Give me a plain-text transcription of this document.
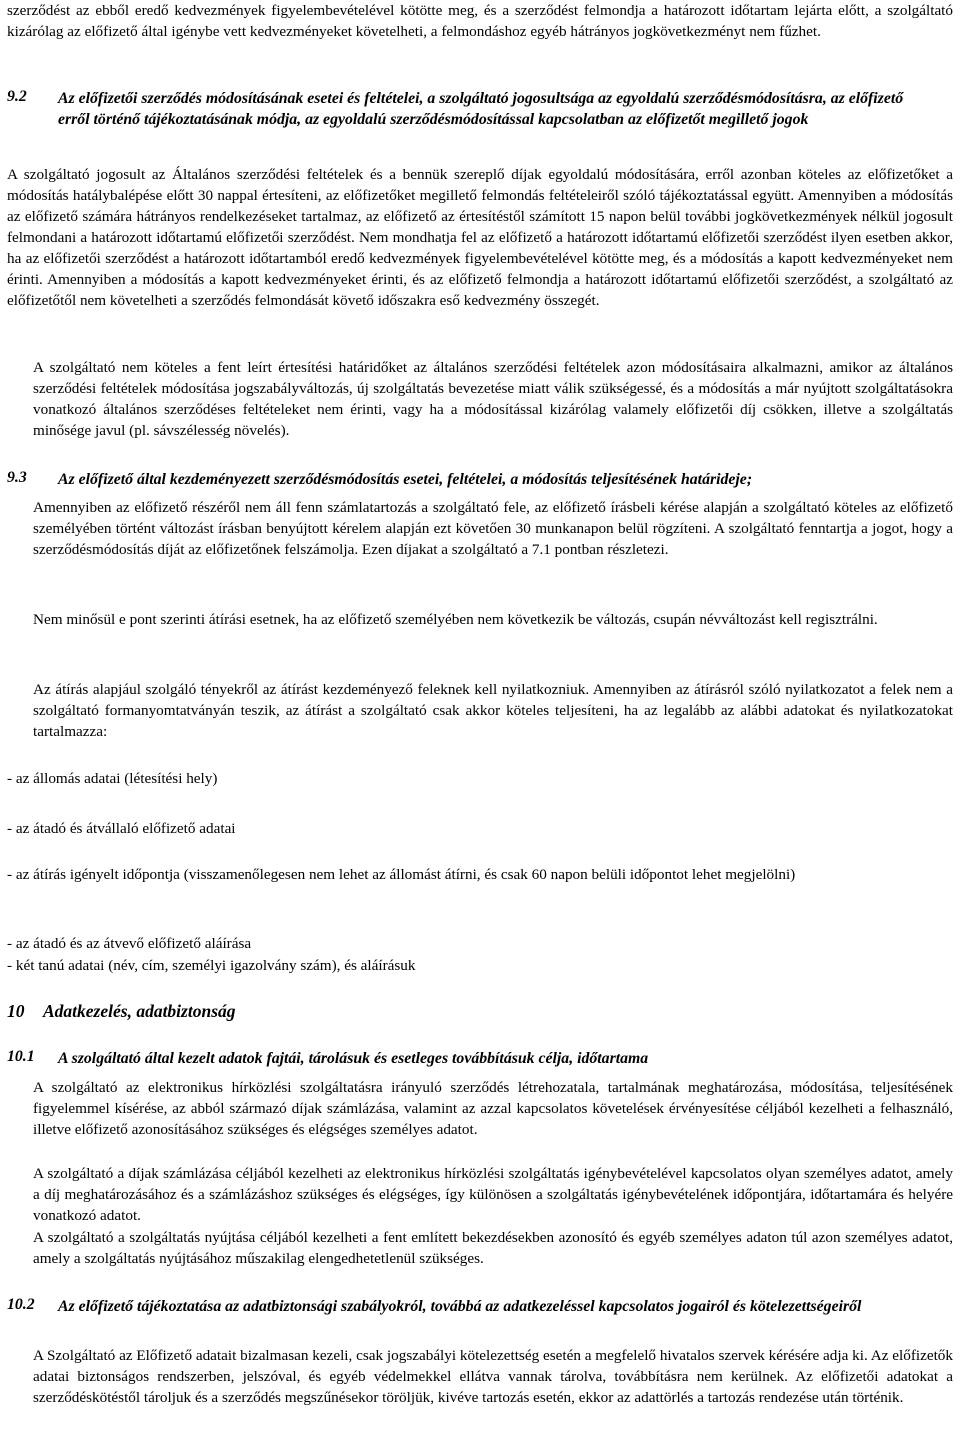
szerződést az ebből eredő kedvezmények figyelembevételével kötötte meg, és a szerződést felmondja a határozott időtartam lejárta előtt, a szolgáltató kizárólag az előfizető által igénybe vett kedvezményeket követelheti, a felmondáshoz egyéb hátrányos jogkövetkezményt nem fűzhet.

9.2 Az előfizetői szerződés módosításának esetei és feltételei, a szolgáltató jogosultsága az egyoldalú szerződésmódosításra, az előfizető erről történő tájékoztatásának módja, az egyoldalú szerződésmódosítással kapcsolatban az előfizetőt megillető jogok

A szolgáltató jogosult az Általános szerződési feltételek és a bennük szereplő díjak egyoldalú módosítására, erről azonban köteles az előfizetőket a módosítás hatálybalépése előtt 30 nappal értesíteni, az előfizetőket megillető felmondás feltételeiről szóló tájékoztatással együtt. Amennyiben a módosítás az előfizető számára hátrányos rendelkezéseket tartalmaz, az előfizető az értesítéstől számított 15 napon belül további jogkövetkezmények nélkül jogosult felmondani a határozott időtartamú előfizetői szerződést. Nem mondhatja fel az előfizető a határozott időtartamú előfizetői szerződést ilyen esetben akkor, ha az előfizetői szerződést a határozott időtartamból eredő kedvezmények figyelembevételével kötötte meg, és a módosítás a kapott kedvezményeket nem érinti. Amennyiben a módosítás a kapott kedvezményeket érinti, és az előfizető felmondja a határozott időtartamú előfizetői szerződést, a szolgáltató az előfizetőtől nem követelheti a szerződés felmondását követő időszakra eső kedvezmény összegét.

A szolgáltató nem köteles a fent leírt értesítési határidőket az általános szerződési feltételek azon módosításaira alkalmazni, amikor az általános szerződési feltételek módosítása jogszabályváltozás, új szolgáltatás bevezetése miatt válik szükségessé, és a módosítás a már nyújtott szolgáltatásokra vonatkozó általános szerződéses feltételeket nem érinti, vagy ha a módosítással kizárólag valamely előfizetői díj csökken, illetve a szolgáltatás minősége javul (pl. sávszélesség növelés).

9.3 Az előfizető által kezdeményezett szerződésmódosítás esetei, feltételei, a módosítás teljesítésének határideje;

Amennyiben az előfizető részéről nem áll fenn számlatartozás a szolgáltató fele, az előfizető írásbeli kérése alapján a szolgáltató köteles az előfizető személyében történt változást írásban benyújtott kérelem alapján ezt követően 30 munkanapon belül rögzíteni. A szolgáltató fenntartja a jogot, hogy a szerződésmódosítás díját az előfizetőnek felszámolja. Ezen díjakat a szolgáltató a 7.1 pontban részletezi.

Nem minősül e pont szerinti átírási esetnek, ha az előfizető személyében nem következik be változás, csupán névváltozást kell regisztrálni.

Az átírás alapjául szolgáló tényekről az átírást kezdeményező feleknek kell nyilatkozniuk. Amennyiben az átírásról szóló nyilatkozatot a felek nem a szolgáltató formanyomtatványán teszik, az átírást a szolgáltató csak akkor köteles teljesíteni, ha az legalább az alábbi adatokat és nyilatkozatokat tartalmazza:

- az állomás adatai (létesítési hely)

- az átadó és átvállaló előfizető adatai

- az átírás igényelt időpontja (visszamenőlegesen nem lehet az állomást átírni, és csak 60 napon belüli időpontot lehet megjelölni)

- az átadó és az átvevő előfizető aláírása

- két tanú adatai (név, cím, személyi igazolvány szám), és aláírásuk

10 Adatkezelés, adatbiztonság
10.1 A szolgáltató által kezelt adatok fajtái, tárolásuk és esetleges továbbításuk célja, időtartama

A szolgáltató az elektronikus hírközlési szolgáltatásra irányuló szerződés létrehozatala, tartalmának meghatározása, módosítása, teljesítésének figyelemmel kísérése, az abból származó díjak számlázása, valamint az azzal kapcsolatos követelések érvényesítése céljából kezelheti a felhasználó, illetve előfizető azonosításához szükséges és elégséges személyes adatot.

A szolgáltató a díjak számlázása céljából kezelheti az elektronikus hírközlési szolgáltatás igénybevételével kapcsolatos olyan személyes adatot, amely a díj meghatározásához és a számlázáshoz szükséges és elégséges, így különösen a szolgáltatás igénybevételének időpontjára, időtartamára és helyére vonatkozó adatot.

A szolgáltató a szolgáltatás nyújtása céljából kezelheti a fent említett bekezdésekben azonosító és egyéb személyes adaton túl azon személyes adatot, amely a szolgáltatás nyújtásához műszakilag elengedhetetlenül szükséges.

10.2 Az előfizető tájékoztatása az adatbiztonsági szabályokról, továbbá az adatkezeléssel kapcsolatos jogairól és kötelezettségeiről

A Szolgáltató az Előfizető adatait bizalmasan kezeli, csak jogszabályi kötelezettség esetén a megfelelő hivatalos szervek kérésére adja ki. Az előfizetők adatai biztonságos rendszerben, jelszóval, és egyéb védelmekkel ellátva vannak tárolva, továbbításra nem kerülnek. Az előfizetői adatokat a szerződéskötéstől tároljuk és a szerződés megszűnésekor töröljük, kivéve tartozás esetén, ekkor az adattörlés a tartozás rendezése után történik.
